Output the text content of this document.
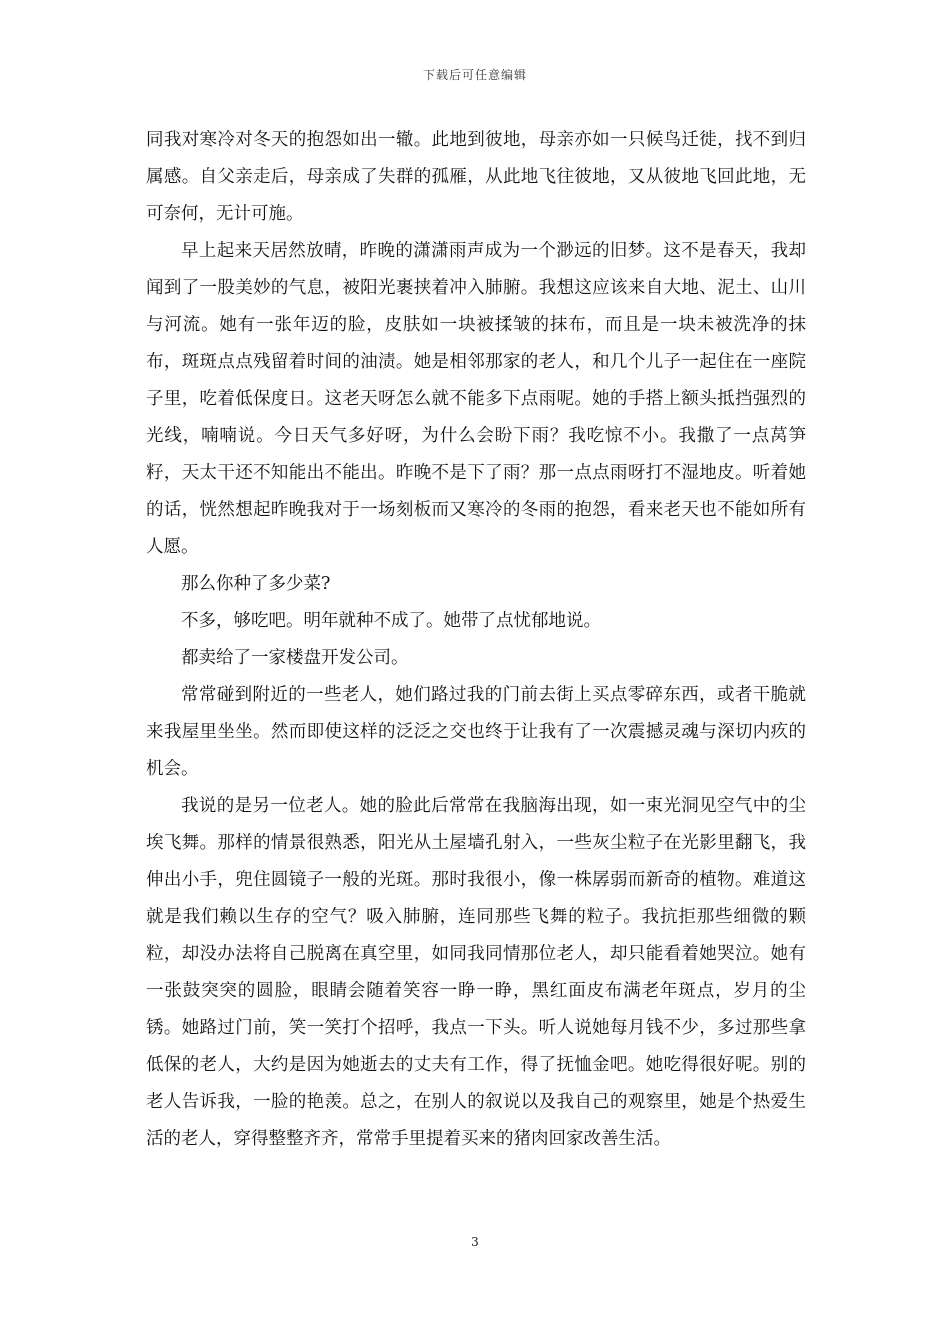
下载后可任意编辑

同我对寒冷对冬天的抱怨如出一辙。此地到彼地，母亲亦如一只候鸟迁徙，找不到归属感。自父亲走后，母亲成了失群的孤雁，从此地飞往彼地，又从彼地飞回此地，无可奈何，无计可施。

早上起来天居然放晴，昨晚的潇潇雨声成为一个渺远的旧梦。这不是春天，我却闻到了一股美妙的气息，被阳光裹挟着冲入肺腑。我想这应该来自大地、泥土、山川与河流。她有一张年迈的脸，皮肤如一块被揉皱的抹布，而且是一块未被洗净的抹布，斑斑点点残留着时间的油渍。她是相邻那家的老人，和几个儿子一起住在一座院子里，吃着低保度日。这老天呀怎么就不能多下点雨呢。她的手搭上额头抵挡强烈的光线，喃喃说。今日天气多好呀，为什么会盼下雨？我吃惊不小。我撒了一点莴笋籽，天太干还不知能出不能出。昨晚不是下了雨？那一点点雨呀打不湿地皮。听着她的话，恍然想起昨晚我对于一场刻板而又寒冷的冬雨的抱怨，看来老天也不能如所有人愿。

那么你种了多少菜?

不多，够吃吧。明年就种不成了。她带了点忧郁地说。

都卖给了一家楼盘开发公司。

常常碰到附近的一些老人，她们路过我的门前去街上买点零碎东西，或者干脆就来我屋里坐坐。然而即使这样的泛泛之交也终于让我有了一次震撼灵魂与深切内疚的机会。

我说的是另一位老人。她的脸此后常常在我脑海出现，如一束光洞见空气中的尘埃飞舞。那样的情景很熟悉，阳光从土屋墙孔射入，一些灰尘粒子在光影里翻飞，我伸出小手，兜住圆镜子一般的光斑。那时我很小，像一株孱弱而新奇的植物。难道这就是我们赖以生存的空气？吸入肺腑，连同那些飞舞的粒子。我抗拒那些细微的颗粒，却没办法将自己脱离在真空里，如同我同情那位老人，却只能看着她哭泣。她有一张鼓突突的圆脸，眼睛会随着笑容一睁一睁，黑红面皮布满老年斑点，岁月的尘锈。她路过门前，笑一笑打个招呼，我点一下头。听人说她每月钱不少，多过那些拿低保的老人，大约是因为她逝去的丈夫有工作，得了抚恤金吧。她吃得很好呢。别的老人告诉我，一脸的艳羡。总之，在别人的叙说以及我自己的观察里，她是个热爱生活的老人，穿得整整齐齐，常常手里提着买来的猪肉回家改善生活。

3
